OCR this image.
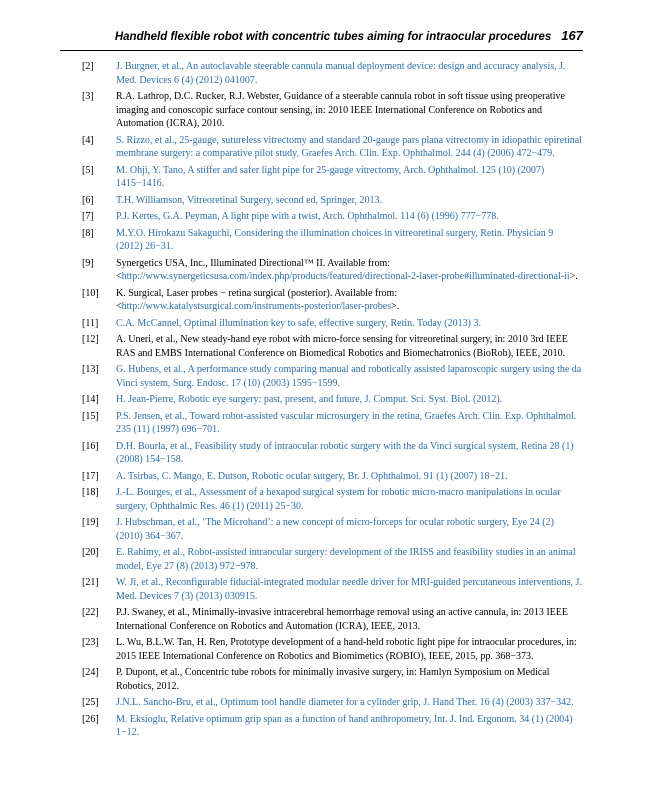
Handheld flexible robot with concentric tubes aiming for intraocular procedures 167
[2] J. Burgner, et al., An autoclavable steerable cannula manual deployment device: design and accuracy analysis, J. Med. Devices 6 (4) (2012) 041007.
[3] R.A. Lathrop, D.C. Rucker, R.J. Webster, Guidance of a steerable cannula robot in soft tissue using preoperative imaging and conoscopic surface contour sensing, in: 2010 IEEE International Conference on Robotics and Automation (ICRA), 2010.
[4] S. Rizzo, et al., 25-gauge, sutureless vitrectomy and standard 20-gauge pars plana vitrectomy in idiopathic epiretinal membrane surgery: a comparative pilot study, Graefes Arch. Clin. Exp. Ophthalmol. 244 (4) (2006) 472−479.
[5] M. Ohji, Y. Tano, A stiffer and safer light pipe for 25-gauge vitrectomy, Arch. Ophthalmol. 125 (10) (2007) 1415−1416.
[6] T.H. Williamson, Vitreoretinal Surgery, second ed, Springer, 2013.
[7] P.J. Kertes, G.A. Peyman, A light pipe with a twist, Arch. Ophthalmol. 114 (6) (1996) 777−778.
[8] M.Y.O. Hirokazu Sakaguchi, Considering the illumination choices in vitreoretinal surgery, Retin. Physician 9 (2012) 26−31.
[9] Synergetics USA, Inc., Illuminated Directional™ II. Available from: <http://www.synergeticsusa.com/index.php/products/featured/directional-2-laser-probe#illuminated-directional-ii>.
[10] K. Surgical, Laser probes − retina surgical (posterior). Available from: <http://www.katalystsurgical.com/instruments-posterior/laser-probes>.
[11] C.A. McCannel, Optimal illumination key to safe, effective surgery, Retin. Today (2013) 3.
[12] A. Uneri, et al., New steady-hand eye robot with micro-force sensing for vitreoretinal surgery, in: 2010 3rd IEEE RAS and EMBS International Conference on Biomedical Robotics and Biomechatronics (BioRob), IEEE, 2010.
[13] G. Hubens, et al., A performance study comparing manual and robotically assisted laparoscopic surgery using the da Vinci system, Surg. Endosc. 17 (10) (2003) 1595−1599.
[14] H. Jean-Pierre, Robotic eye surgery: past, present, and future, J. Comput. Sci. Syst. Biol. (2012).
[15] P.S. Jensen, et al., Toward robot-assisted vascular microsurgery in the retina, Graefes Arch. Clin. Exp. Ophthalmol. 235 (11) (1997) 696−701.
[16] D.H. Bourla, et al., Feasibility study of intraocular robotic surgery with the da Vinci surgical system, Retina 28 (1) (2008) 154−158.
[17] A. Tsirbas, C. Mango, E. Dutson, Robotic ocular surgery, Br. J. Ophthalmol. 91 (1) (2007) 18−21.
[18] J.-L. Bourges, et al., Assessment of a hexapod surgical system for robotic micro-macro manipulations in ocular surgery, Ophthalmic Res. 46 (1) (2011) 25−30.
[19] J. Hubschman, et al., ‘The Microhand’: a new concept of micro-forceps for ocular robotic surgery, Eye 24 (2) (2010) 364−367.
[20] E. Rahimy, et al., Robot-assisted intraocular surgery: development of the IRISS and feasibility studies in an animal model, Eye 27 (8) (2013) 972−978.
[21] W. Ji, et al., Reconfigurable fiducial-integrated modular needle driver for MRI-guided percutaneous interventions, J. Med. Devices 7 (3) (2013) 030915.
[22] P.J. Swaney, et al., Minimally-invasive intracerebral hemorrhage removal using an active cannula, in: 2013 IEEE International Conference on Robotics and Automation (ICRA), IEEE, 2013.
[23] L. Wu, B.L.W. Tan, H. Ren, Prototype development of a hand-held robotic light pipe for intraocular procedures, in: 2015 IEEE International Conference on Robotics and Biomimetics (ROBIO), IEEE, 2015, pp. 368−373.
[24] P. Dupont, et al., Concentric tube robots for minimally invasive surgery, in: Hamlyn Symposium on Medical Robotics, 2012.
[25] J.N.L. Sancho-Bru, et al., Optimum tool handle diameter for a cylinder grip, J. Hand Ther. 16 (4) (2003) 337−342.
[26] M. Eksioglu, Relative optimum grip span as a function of hand anthropometry, Int. J. Ind. Ergonom. 34 (1) (2004) 1−12.
